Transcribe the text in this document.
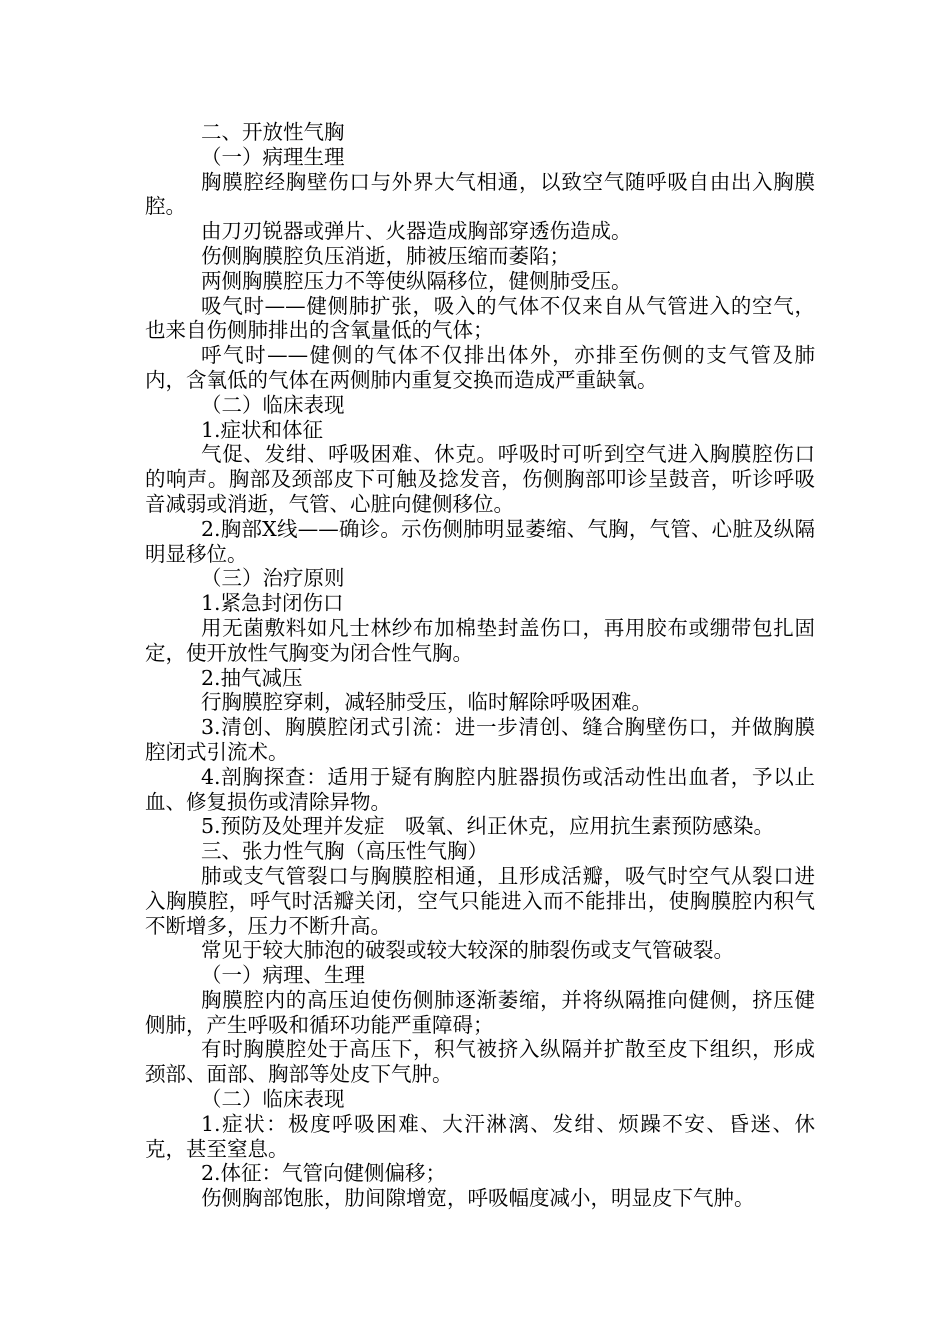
二、开放性气胸

（一）病理生理

胸膜腔经胸壁伤口与外界大气相通，以致空气随呼吸自由出入胸膜腔。

由刀刃锐器或弹片、火器造成胸部穿透伤造成。

伤侧胸膜腔负压消逝，肺被压缩而萎陷；

两侧胸膜腔压力不等使纵隔移位，健侧肺受压。

吸气时——健侧肺扩张，吸入的气体不仅来自从气管进入的空气，也来自伤侧肺排出的含氧量低的气体；

呼气时——健侧的气体不仅排出体外，亦排至伤侧的支气管及肺内，含氧低的气体在两侧肺内重复交换而造成严重缺氧。

（二）临床表现

1.症状和体征

气促、发绀、呼吸困难、休克。呼吸时可听到空气进入胸膜腔伤口的响声。胸部及颈部皮下可触及捻发音，伤侧胸部叩诊呈鼓音，听诊呼吸音减弱或消逝，气管、心脏向健侧移位。

2.胸部X线——确诊。示伤侧肺明显萎缩、气胸，气管、心脏及纵隔明显移位。

（三）治疗原则

1.紧急封闭伤口

用无菌敷料如凡士林纱布加棉垫封盖伤口，再用胶布或绷带包扎固定，使开放性气胸变为闭合性气胸。

2.抽气减压

行胸膜腔穿刺，减轻肺受压，临时解除呼吸困难。

3.清创、胸膜腔闭式引流：进一步清创、缝合胸壁伤口，并做胸膜腔闭式引流术。

4.剖胸探查：适用于疑有胸腔内脏器损伤或活动性出血者，予以止血、修复损伤或清除异物。

5.预防及处理并发症　吸氧、纠正休克，应用抗生素预防感染。

三、张力性气胸（高压性气胸）

肺或支气管裂口与胸膜腔相通，且形成活瓣，吸气时空气从裂口进入胸膜腔，呼气时活瓣关闭，空气只能进入而不能排出，使胸膜腔内积气不断增多，压力不断升高。

常见于较大肺泡的破裂或较大较深的肺裂伤或支气管破裂。

（一）病理、生理

胸膜腔内的高压迫使伤侧肺逐渐萎缩，并将纵隔推向健侧，挤压健侧肺，产生呼吸和循环功能严重障碍；

有时胸膜腔处于高压下，积气被挤入纵隔并扩散至皮下组织，形成颈部、面部、胸部等处皮下气肿。

（二）临床表现

1.症状：极度呼吸困难、大汗淋漓、发绀、烦躁不安、昏迷、休克，甚至窒息。

2.体征：气管向健侧偏移；

伤侧胸部饱胀，肋间隙增宽，呼吸幅度减小，明显皮下气肿。
